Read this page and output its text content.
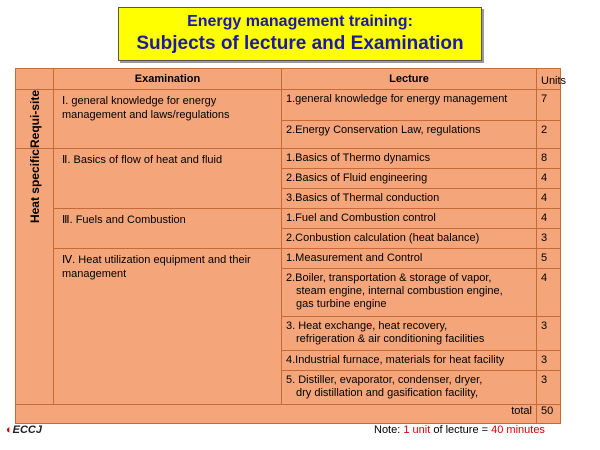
Energy management training:
Subjects of lecture and Examination
	Examination	Lecture	Units

Requi-site	Ⅰ. general knowledge for energy management and laws/regulations	1.general knowledge for energy management	7

		2.Energy Conservation Law, regulations	2

Heat specific	Ⅱ. Basics of flow of heat and fluid	1.Basics of Thermo dynamics	8

		2.Basics of Fluid engineering	4

		3.Basics of Thermal conduction	4
	Ⅲ. Fuels and Combustion	1.Fuel and Combustion control	4

		2.Conbustion calculation (heat balance)	3
	Ⅳ. Heat utilization equipment and their management	1.Measurement and Control	5

		2.Boiler, transportation & storage of vapor,
steam engine, internal combustion engine,
gas turbine engine	4

		3. Heat exchange, heat recovery,
refrigeration & air conditioning facilities	3

		4.Industrial furnace, materials for heat facility	3

		5. Distiller, evaporator, condenser, dryer,
dry distillation and gasification facility,	3
total			50
◐ECCJ	Note: 1 unit of lecture = 40 minutes
